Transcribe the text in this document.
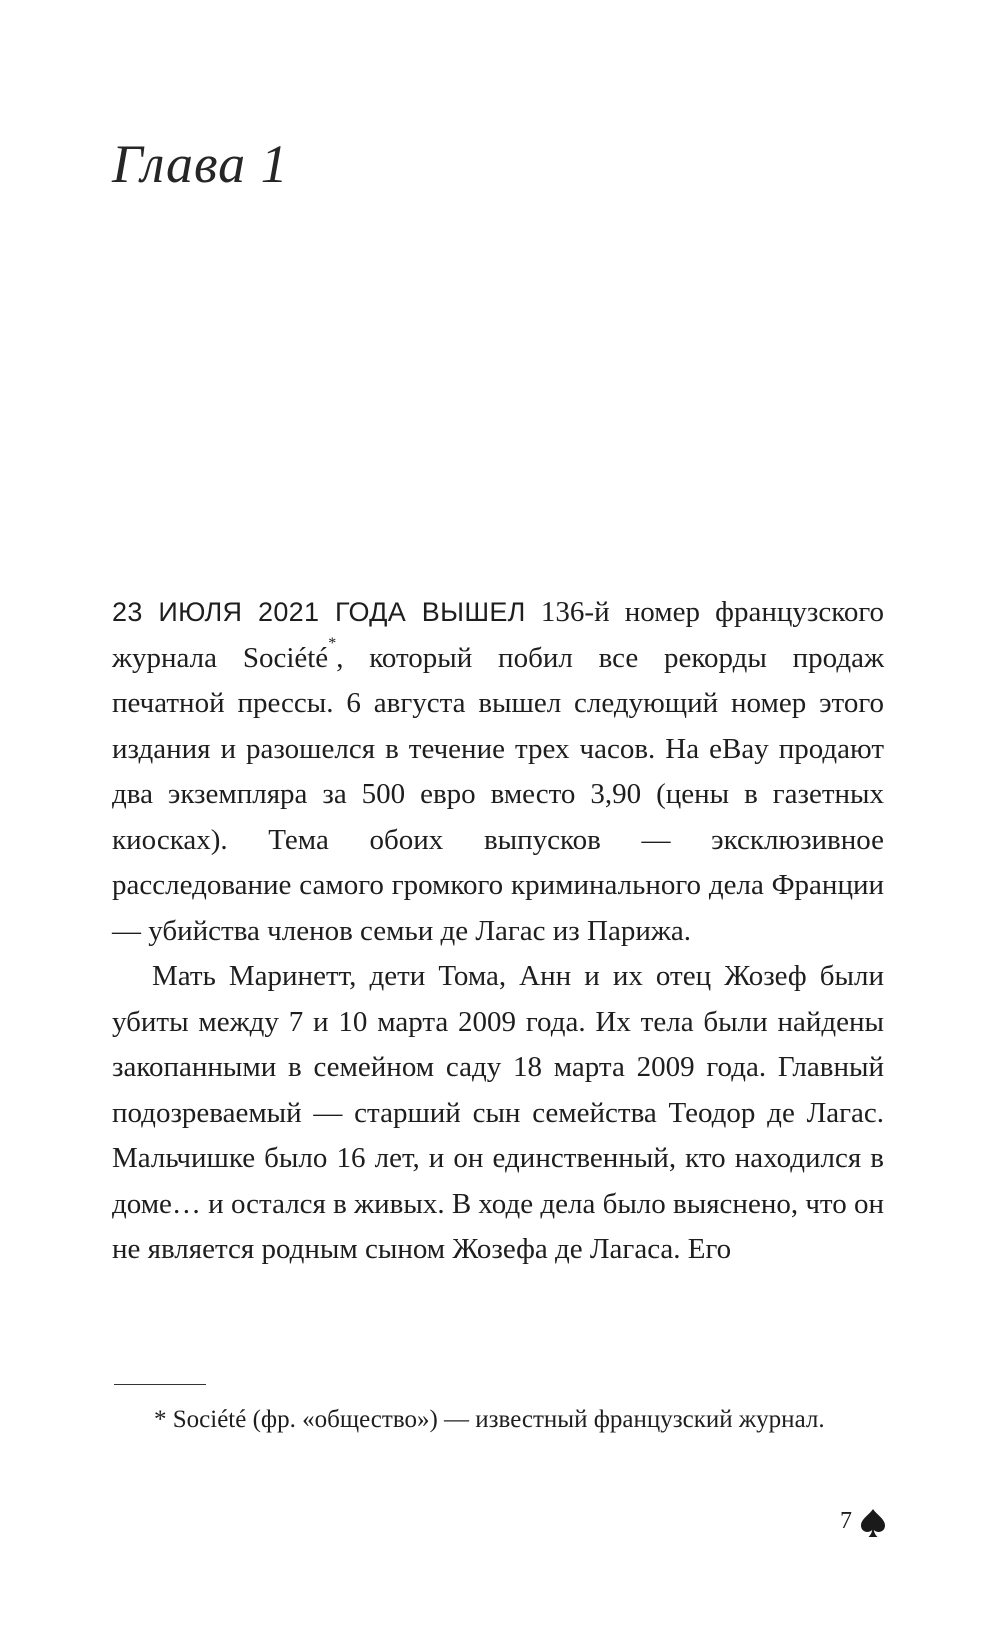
Глава 1

23 ИЮЛЯ 2021 ГОДА ВЫШЕЛ 136-й номер французского журнала Société*, который побил все рекорды продаж печатной прессы. 6 августа вышел следующий номер этого издания и разошелся в течение трех часов. На eBay продают два экземпляра за 500 евро вместо 3,90 (цены в газетных киосках). Тема обоих выпусков — эксклюзивное расследование самого громкого криминального дела Франции — убийства членов семьи де Лагас из Парижа.

Мать Маринетт, дети Тома, Анн и их отец Жозеф были убиты между 7 и 10 марта 2009 года. Их тела были найдены закопанными в семейном саду 18 марта 2009 года. Главный подозреваемый — старший сын семейства Теодор де Лагас. Мальчишке было 16 лет, и он единственный, кто находился в доме… и остался в живых. В ходе дела было выяснено, что он не является родным сыном Жозефа де Лагаса. Его

* Société (фр. «общество») — известный французский журнал.

7
